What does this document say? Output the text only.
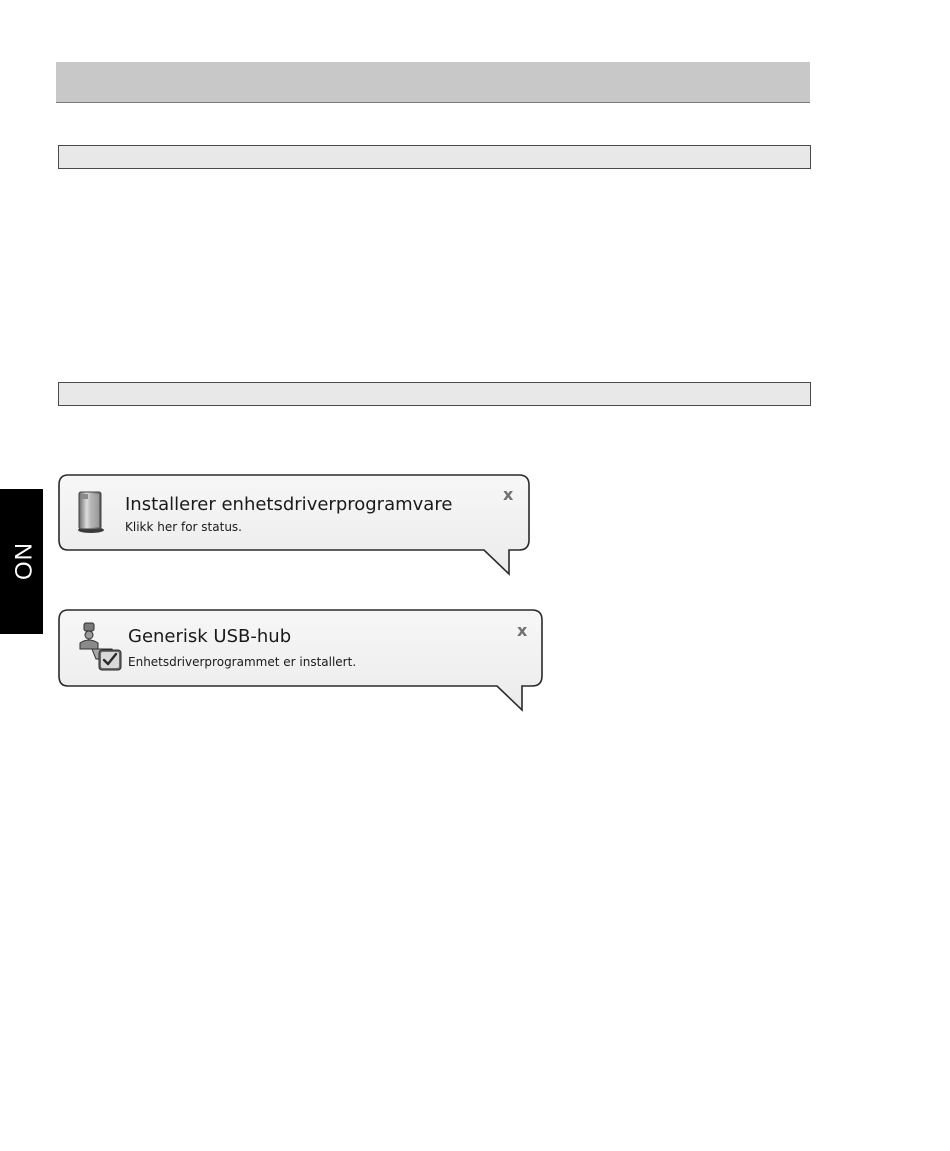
NO
Installerer enhetsdriverprogramvare
Klikk her for status.
x
Generisk USB-hub
Enhetsdriverprogrammet er installert.
x
